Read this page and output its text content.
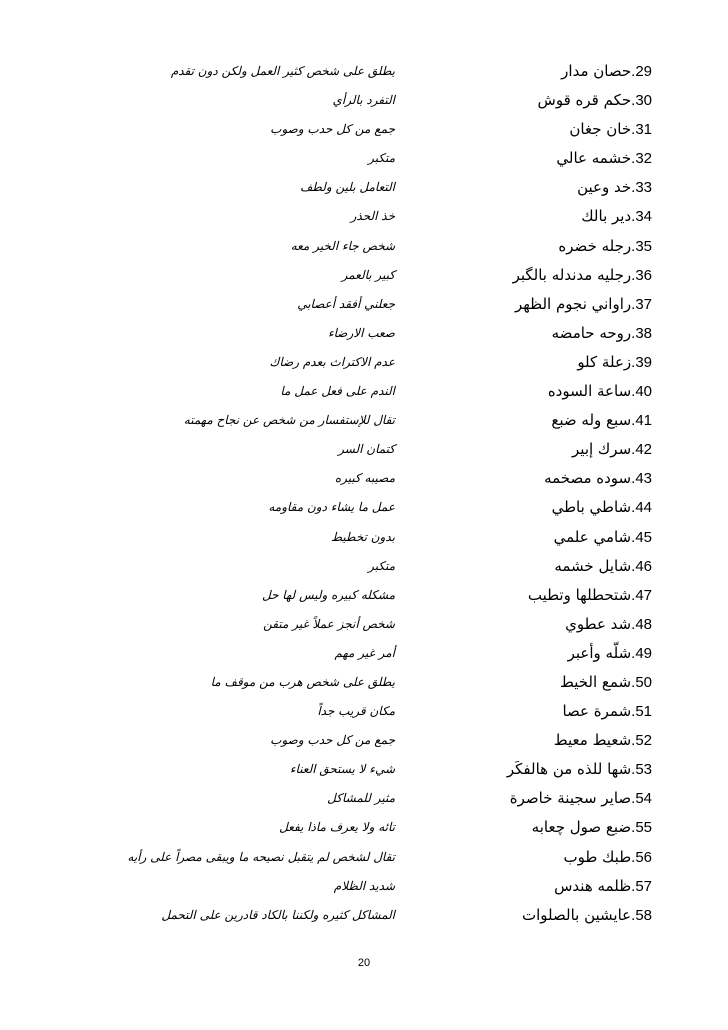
29.حصان مدار
يطلق على شخص كثير العمل ولكن دون تقدم
30.حكم قره قوش
التفرد بالرأي
31.خان جغان
جمع من كل حدب وصوب
32.خشمه عالي
متكبر
33.خد وعين
التعامل بلين ولطف
34.دير بالك
خذ الحذر
35.رجله خضره
شخص جاء الخير معه
36.رجليه مدندله بالگبر
كبير بالعمر
37.راواني نجوم الظهر
جعلني أفقد أعصابي
38.روحه حامضه
صعب الارضاء
39.زعلة كلو
عدم الاكتراث بعدم رضاك
40.ساعة السوده
الندم على فعل عمل ما
41.سبع وله ضبع
تقال للإستفسار من شخص عن نجاح مهمته
42.سرك إبير
كتمان السر
43.سوده مصخمه
مصيبه كبيره
44.شاطي باطي
عمل ما يشاء دون مقاومه
45.شامي علمي
بدون تخطيط
46.شايل خشمه
متكبر
47.شتحطلها وتطيب
مشكله كبيره وليس لها حل
48.شد عطوي
شخص أنجز عملاً غير متقن
49.شلّه وأعبر
أمر غير مهم
50.شمع الخيط
يطلق على شخص هرب من موقف ما
51.شمرة عصا
مكان قريب جداً
52.شعيط معيط
جمع من كل حدب وصوب
53.شها للذه من هالفكَر
شيء لا يستحق العناء
54.صاير سجينة خاصرة
مثير للمشاكل
55.ضبع صول چعابه
تائه ولا يعرف ماذا يفعل
56.طبك طوب
تقال لشخص لم يتقبل نصيحه ما ويبقى مصراً على رأيه
57.ظلمه هندس
شديد الظلام
58.عايشين بالصلوات
المشاكل كثيره ولكننا بالكاد قادرين على التحمل
20
